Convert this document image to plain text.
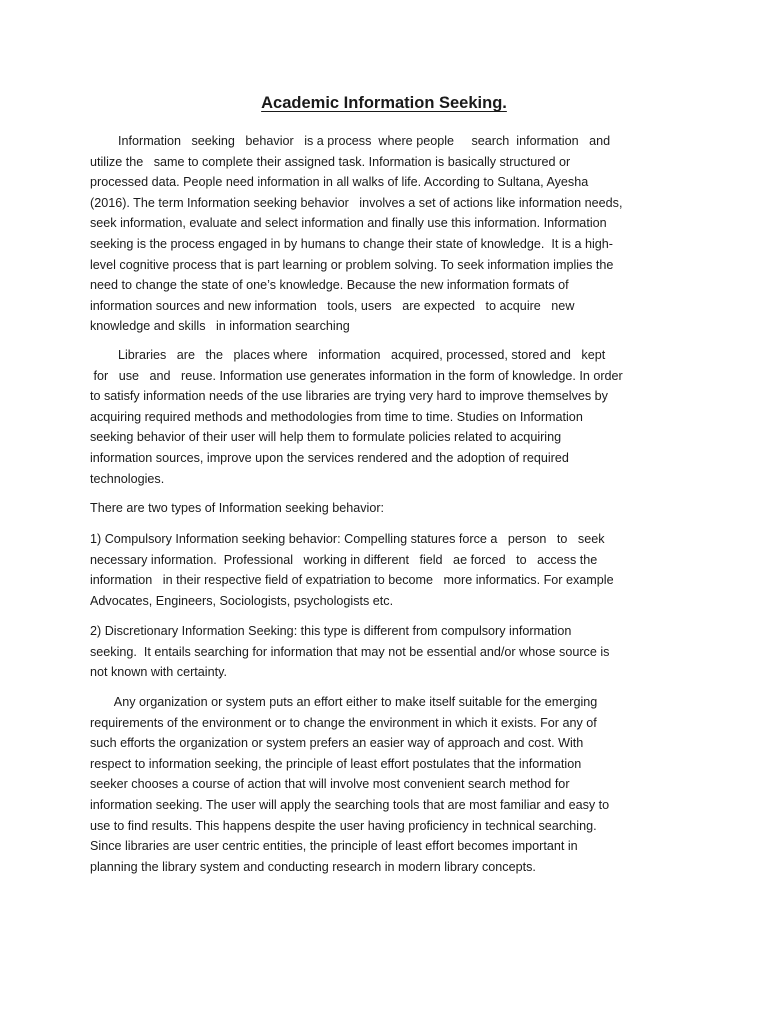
Academic Information Seeking.
Information   seeking   behavior   is a process  where people     search  information   and
utilize the   same to complete their assigned task. Information is basically structured or
processed data. People need information in all walks of life. According to Sultana, Ayesha
(2016). The term Information seeking behavior   involves a set of actions like information needs,
seek information, evaluate and select information and finally use this information. Information
seeking is the process engaged in by humans to change their state of knowledge.  It is a high-
level cognitive process that is part learning or problem solving. To seek information implies the
need to change the state of one’s knowledge. Because the new information formats of
information sources and new information   tools, users   are expected   to acquire   new
knowledge and skills   in information searching
Libraries   are   the   places where   information   acquired, processed, stored and   kept
for   use   and   reuse. Information use generates information in the form of knowledge. In order
to satisfy information needs of the use libraries are trying very hard to improve themselves by
acquiring required methods and methodologies from time to time. Studies on Information
seeking behavior of their user will help them to formulate policies related to acquiring
information sources, improve upon the services rendered and the adoption of required
technologies.
There are two types of Information seeking behavior:
1) Compulsory Information seeking behavior: Compelling statures force a   person   to   seek
necessary information.  Professional   working in different   field   ae forced   to   access the
information   in their respective field of expatriation to become   more informatics. For example
Advocates, Engineers, Sociologists, psychologists etc.
2) Discretionary Information Seeking: this type is different from compulsory information
seeking.  It entails searching for information that may not be essential and/or whose source is
not known with certainty.
Any organization or system puts an effort either to make itself suitable for the emerging
requirements of the environment or to change the environment in which it exists. For any of
such efforts the organization or system prefers an easier way of approach and cost. With
respect to information seeking, the principle of least effort postulates that the information
seeker chooses a course of action that will involve most convenient search method for
information seeking. The user will apply the searching tools that are most familiar and easy to
use to find results. This happens despite the user having proficiency in technical searching.
Since libraries are user centric entities, the principle of least effort becomes important in
planning the library system and conducting research in modern library concepts.
